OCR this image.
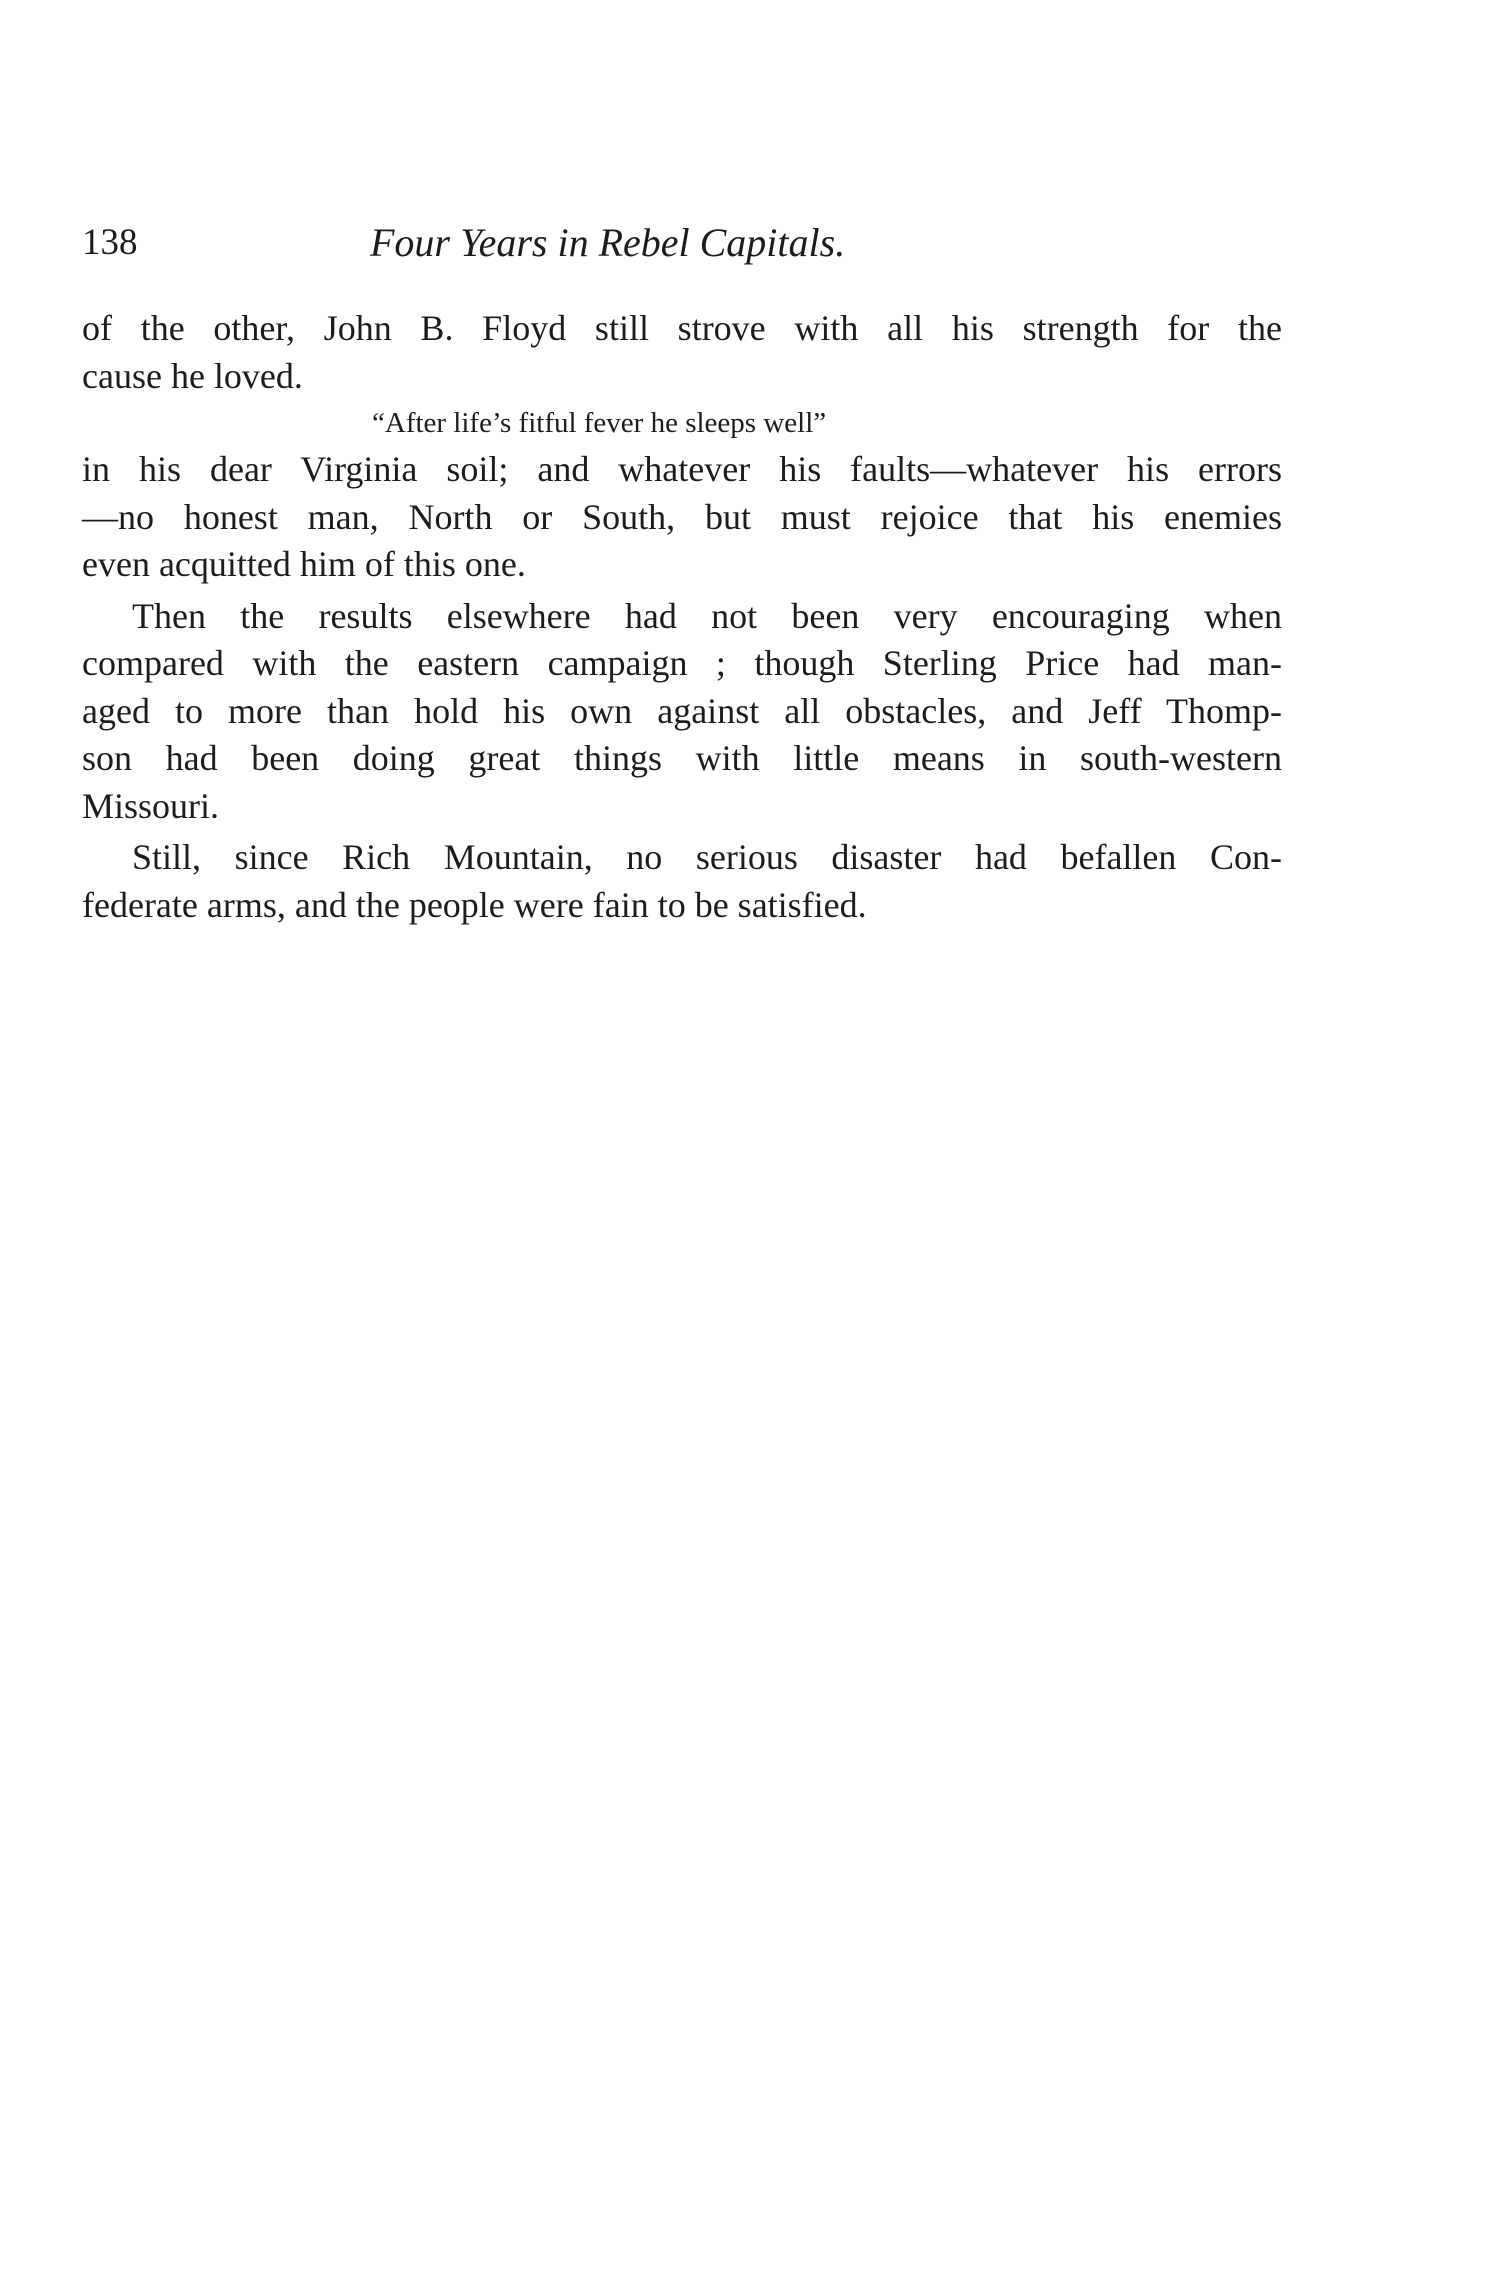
138	Four Years in Rebel Capitals.
of the other, John B. Floyd still strove with all his strength for the
cause he loved.
“After life’s fitful fever he sleeps well”
in his dear Virginia soil; and whatever his faults—whatever his errors
—no honest man, North or South, but must rejoice that his enemies
even acquitted him of this one.
Then the results elsewhere had not been very encouraging when
compared with the eastern campaign ; though Sterling Price had man-
aged to more than hold his own against all obstacles, and Jeff Thomp-
son had been doing great things with little means in south-western
Missouri.
Still, since Rich Mountain, no serious disaster had befallen Con-
federate arms, and the people were fain to be satisfied.
